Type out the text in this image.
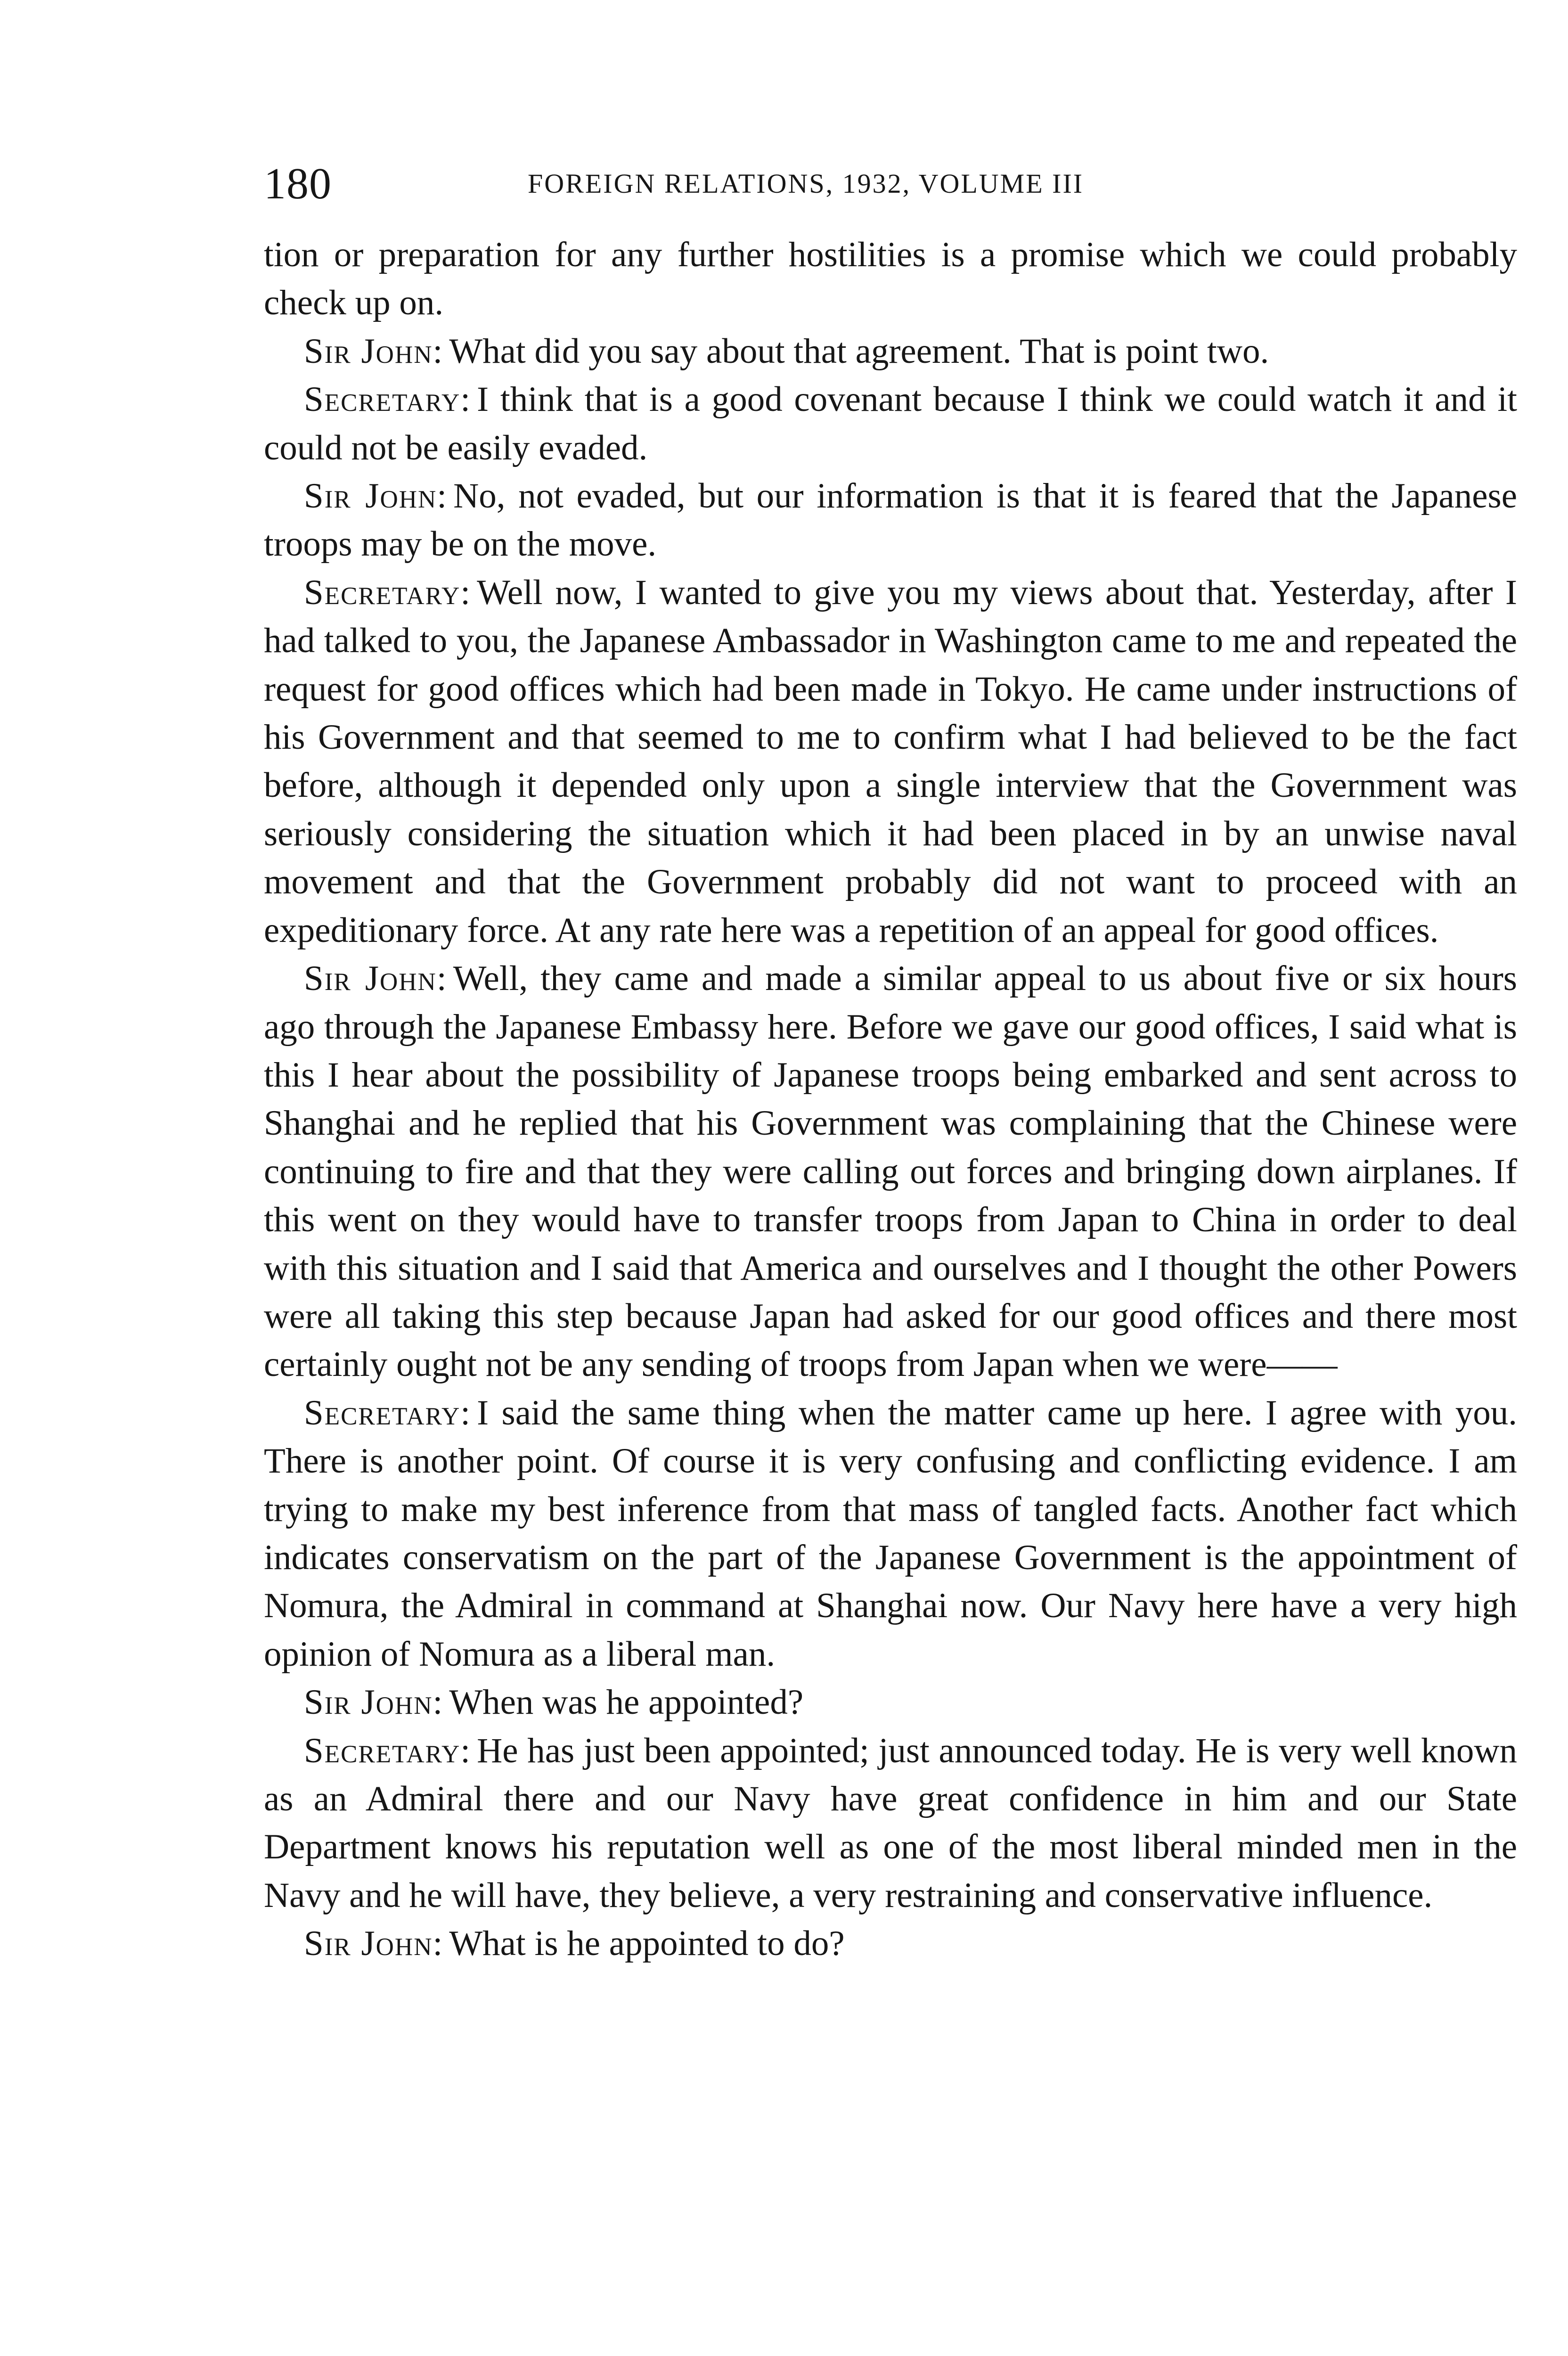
180	FOREIGN RELATIONS, 1932, VOLUME III

tion or preparation for any further hostilities is a promise which we could probably check up on.

Sir John: What did you say about that agreement. That is point two.

Secretary: I think that is a good covenant because I think we could watch it and it could not be easily evaded.

Sir John: No, not evaded, but our information is that it is feared that the Japanese troops may be on the move.

Secretary: Well now, I wanted to give you my views about that. Yesterday, after I had talked to you, the Japanese Ambassador in Washington came to me and repeated the request for good offices which had been made in Tokyo. He came under instructions of his Government and that seemed to me to confirm what I had believed to be the fact before, although it depended only upon a single interview that the Government was seriously considering the situation which it had been placed in by an unwise naval movement and that the Government probably did not want to proceed with an expeditionary force. At any rate here was a repetition of an appeal for good offices.

Sir John: Well, they came and made a similar appeal to us about five or six hours ago through the Japanese Embassy here. Before we gave our good offices, I said what is this I hear about the possibility of Japanese troops being embarked and sent across to Shanghai and he replied that his Government was complaining that the Chinese were continuing to fire and that they were calling out forces and bringing down airplanes. If this went on they would have to transfer troops from Japan to China in order to deal with this situation and I said that America and ourselves and I thought the other Powers were all taking this step because Japan had asked for our good offices and there most certainly ought not be any sending of troops from Japan when we were——

Secretary: I said the same thing when the matter came up here. I agree with you. There is another point. Of course it is very confusing and conflicting evidence. I am trying to make my best inference from that mass of tangled facts. Another fact which indicates conservatism on the part of the Japanese Government is the appointment of Nomura, the Admiral in command at Shanghai now. Our Navy here have a very high opinion of Nomura as a liberal man.

Sir John: When was he appointed?

Secretary: He has just been appointed; just announced today. He is very well known as an Admiral there and our Navy have great confidence in him and our State Department knows his reputation well as one of the most liberal minded men in the Navy and he will have, they believe, a very restraining and conservative influence.

Sir John: What is he appointed to do?
